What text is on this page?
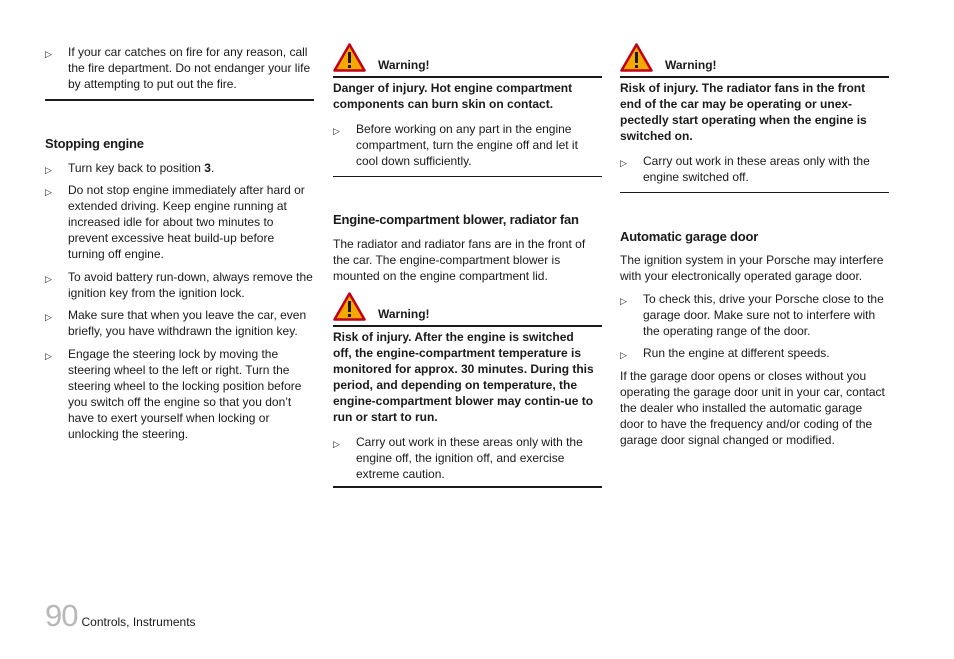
▷	If your car catches on fire for any reason, call the fire department. Do not endanger your life by attempting to put out the fire.
Stopping engine
▷	Turn key back to position 3.
▷	Do not stop engine immediately after hard or extended driving. Keep engine running at increased idle for about two minutes to prevent excessive heat build-up before turning off engine.
▷	To avoid battery run-down, always remove the ignition key from the ignition lock.
▷	Make sure that when you leave the car, even briefly, you have withdrawn the ignition key.
▷	Engage the steering lock by moving the steering wheel to the left or right. Turn the steering wheel to the locking position before you switch off the engine so that you don’t have to exert yourself when locking or unlocking the steering.
Warning!

Danger of injury. Hot engine compartment components can burn skin on contact.

▷	Before working on any part in the engine compartment, turn the engine off and let it cool down sufficiently.
Engine-compartment blower, radiator fan

The radiator and radiator fans are in the front of the car. The engine-compartment blower is mounted on the engine compartment lid.

Warning!

Risk of injury. After the engine is switched off, the engine-compartment temperature is monitored for approx. 30 minutes. During this period, and depending on temperature, the engine-compartment blower may contin-ue to run or start to run.

▷	Carry out work in these areas only with the engine off, the ignition off, and exercise extreme caution.
Warning!

Risk of injury. The radiator fans in the front end of the car may be operating or unex-pectedly start operating when the engine is switched on.

▷	Carry out work in these areas only with the engine switched off.
Automatic garage door

The ignition system in your Porsche may interfere with your electronically operated garage door.

▷	To check this, drive your Porsche close to the garage door. Make sure not to interfere with the operating range of the door.
▷	Run the engine at different speeds.

If the garage door opens or closes without you operating the garage door unit in your car, contact the dealer who installed the automatic garage door to have the frequency and/or coding of the garage door signal changed or modified.

90 Controls, Instruments
